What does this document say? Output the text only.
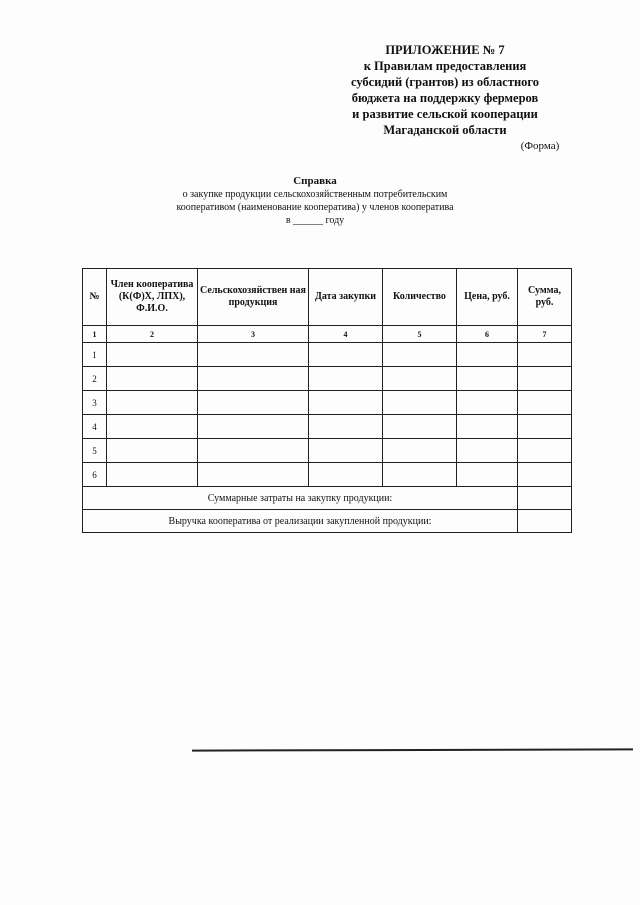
ПРИЛОЖЕНИЕ № 7
к Правилам предоставления
субсидий (грантов) из областного
бюджета на поддержку фермеров
и развитие сельской кооперации
Магаданской области
(Форма)
Справка
о закупке продукции сельскохозяйственным потребительским
кооперативом (наименование кооператива) у членов кооператива
в ______ году
№	Член кооператива (К(Ф)Х, ЛПХ), Ф.И.О.	Сельскохозяйствен ная продукция	Дата закупки	Количество	Цена, руб.	Сумма, руб.
1	2	3	4	5	6	7
1						
2						
3						
4						
5						
6						
Суммарные затраты на закупку продукции:						
Выручка кооператива от реализации закупленной продукции:						
